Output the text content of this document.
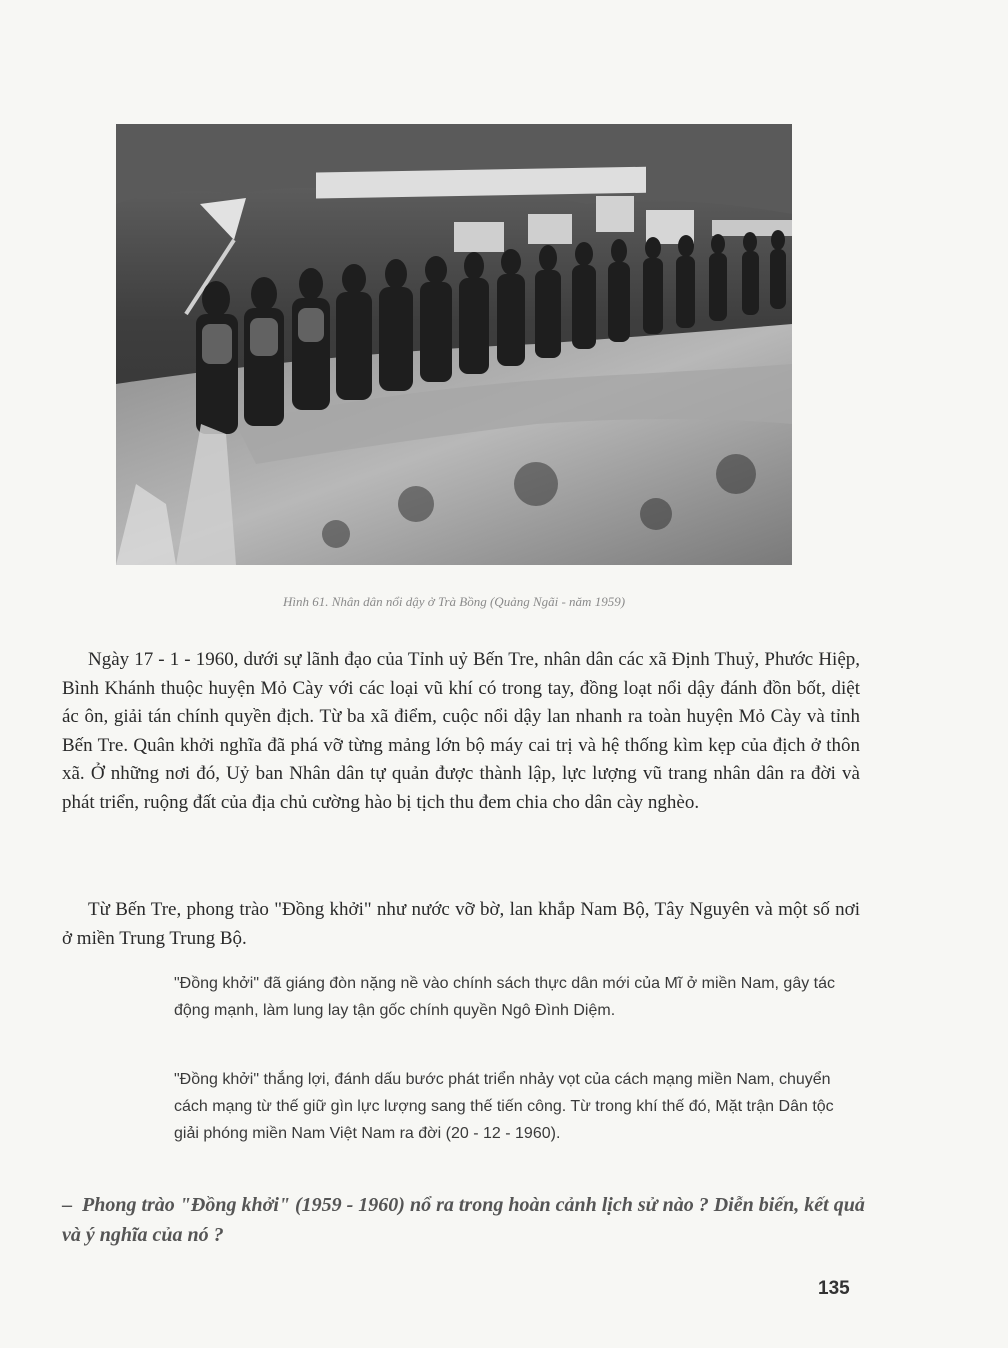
Hình 61. Nhân dân nổi dậy ở Trà Bồng (Quảng Ngãi - năm 1959)

Ngày 17 - 1 - 1960, dưới sự lãnh đạo của Tỉnh uỷ Bến Tre, nhân dân các xã Định Thuỷ, Phước Hiệp, Bình Khánh thuộc huyện Mỏ Cày với các loại vũ khí có trong tay, đồng loạt nổi dậy đánh đồn bốt, diệt ác ôn, giải tán chính quyền địch. Từ ba xã điểm, cuộc nổi dậy lan nhanh ra toàn huyện Mỏ Cày và tỉnh Bến Tre. Quân khởi nghĩa đã phá vỡ từng mảng lớn bộ máy cai trị và hệ thống kìm kẹp của địch ở thôn xã. Ở những nơi đó, Uỷ ban Nhân dân tự quản được thành lập, lực lượng vũ trang nhân dân ra đời và phát triển, ruộng đất của địa chủ cường hào bị tịch thu đem chia cho dân cày nghèo.

Từ Bến Tre, phong trào "Đồng khởi" như nước vỡ bờ, lan khắp Nam Bộ, Tây Nguyên và một số nơi ở miền Trung Trung Bộ.

"Đồng khởi" đã giáng đòn nặng nề vào chính sách thực dân mới của Mĩ ở miền Nam, gây tác động mạnh, làm lung lay tận gốc chính quyền Ngô Đình Diệm.

"Đồng khởi" thắng lợi, đánh dấu bước phát triển nhảy vọt của cách mạng miền Nam, chuyển cách mạng từ thế giữ gìn lực lượng sang thế tiến công. Từ trong khí thế đó, Mặt trận Dân tộc giải phóng miền Nam Việt Nam ra đời (20 - 12 - 1960).

– Phong trào "Đồng khởi" (1959 - 1960) nổ ra trong hoàn cảnh lịch sử nào ? Diễn biến, kết quả và ý nghĩa của nó ?

135
